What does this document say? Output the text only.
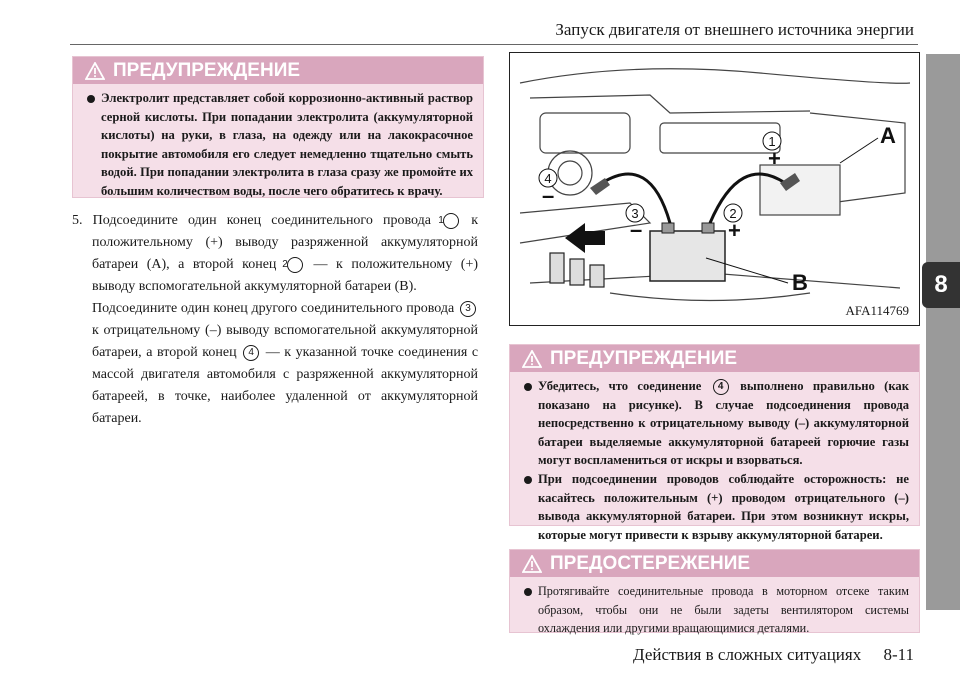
Запуск двигателя от внешнего источника энергии
8
ПРЕДУПРЕЖДЕНИЕ
Электролит представляет собой коррозионно-активный раствор серной кислоты. При попадании электролита (аккумуляторной кислоты) на руки, в глаза, на одежду или на лакокрасочное покрытие автомобиля его следует немедленно тщательно смыть водой. При попадании электролита в глаза сразу же промойте их большим количеством воды, после чего обратитесь к врачу.

5. Подсоедините один конец соединительного провода 1 к положительному (+) выводу разряженной аккумуляторной батареи (A), а второй конец 2 — к положительному (+) выводу вспомогательной аккумуляторной батареи (B).

Подсоедините один конец другого соединительного провода 3 к отрицательному (–) выводу вспомогательной аккумуляторной батареи, а второй конец 4 — к указанной точке соединения с массой двигателя автомобиля с разряженной аккумуляторной батареей, в точке, наиболее удаленной от аккумуляторной батареи.

1
2
3
4
+
+
–
–
A
B
AFA114769
ПРЕДУПРЕЖДЕНИЕ
Убедитесь, что соединение 4 выполнено правильно (как показано на рисунке). В случае подсоединения провода непосредственно к отрицательному выводу (–) аккумуляторной батареи выделяемые аккумуляторной батареей горючие газы могут воспламениться от искры и взорваться.
При подсоединении проводов соблюдайте осторожность: не касайтесь положительным (+) проводом отрицательного (–) вывода аккумуляторной батареи. При этом возникнут искры, которые могут привести к взрыву аккумуляторной батареи.
ПРЕДОСТЕРЕЖЕНИЕ
Протягивайте соединительные провода в моторном отсеке таким образом, чтобы они не были задеты вентилятором системы охлаждения или другими вращающимися деталями.
Действия в сложных ситуациях 8-11
